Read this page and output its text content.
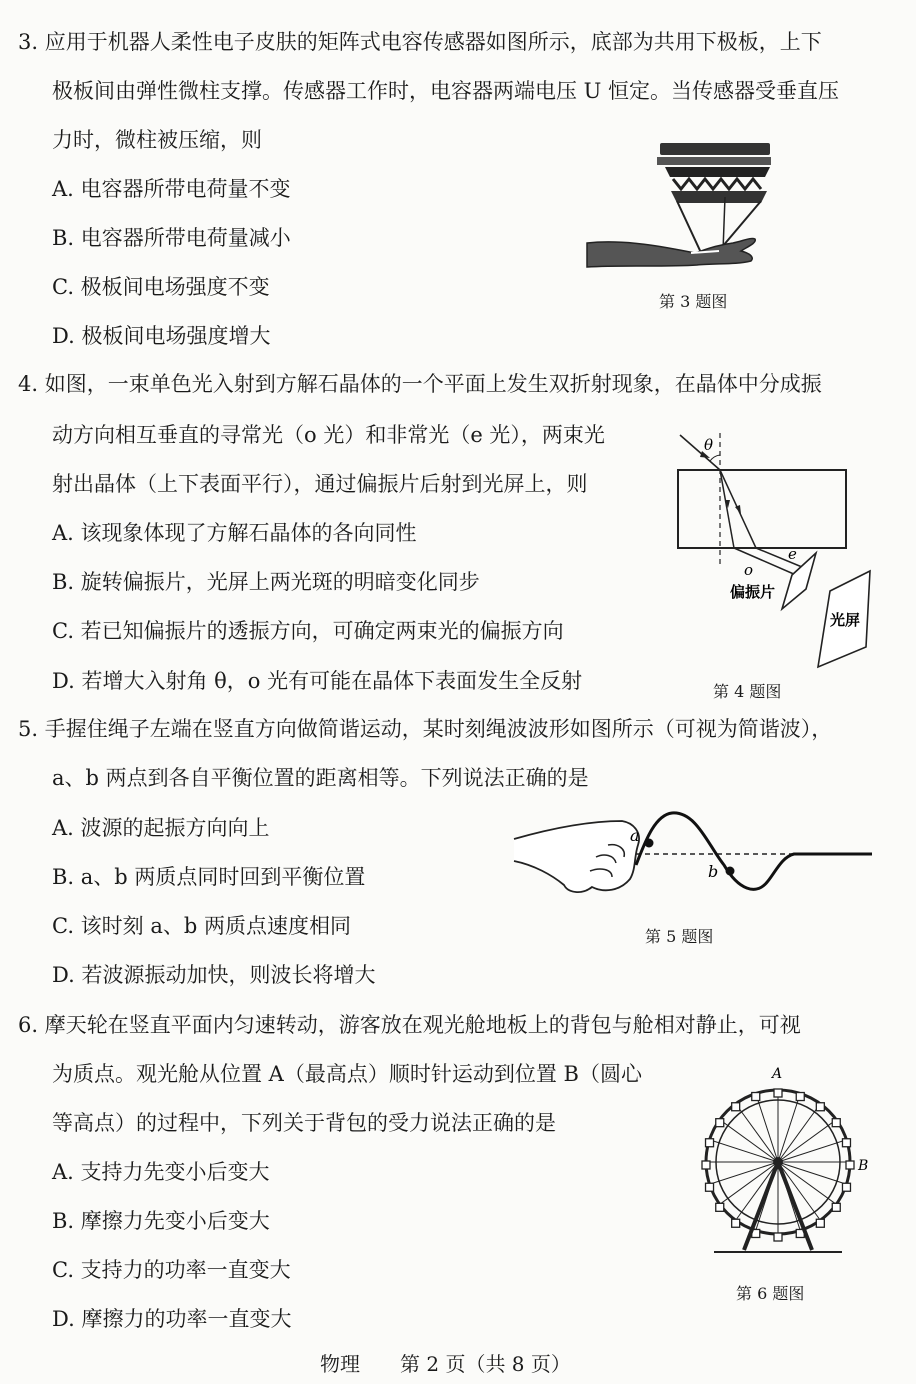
3. 应用于机器人柔性电子皮肤的矩阵式电容传感器如图所示，底部为共用下极板，上下
极板间由弹性微柱支撑。传感器工作时，电容器两端电压 U 恒定。当传感器受垂直压
力时，微柱被压缩，则
A. 电容器所带电荷量不变
B. 电容器所带电荷量减小
C. 极板间电场强度不变
D. 极板间电场强度增大
第 3 题图
4. 如图，一束单色光入射到方解石晶体的一个平面上发生双折射现象，在晶体中分成振
动方向相互垂直的寻常光（o 光）和非常光（e 光），两束光
射出晶体（上下表面平行），通过偏振片后射到光屏上，则
A. 该现象体现了方解石晶体的各向同性
B. 旋转偏振片，光屏上两光斑的明暗变化同步
C. 若已知偏振片的透振方向，可确定两束光的偏振方向
D. 若增大入射角 θ，o 光有可能在晶体下表面发生全反射
θ
o
e
偏振片
光屏
第 4 题图
5. 手握住绳子左端在竖直方向做简谐运动，某时刻绳波波形如图所示（可视为简谐波），
a、b 两点到各自平衡位置的距离相等。下列说法正确的是
A. 波源的起振方向向上
B. a、b 两质点同时回到平衡位置
C. 该时刻 a、b 两质点速度相同
D. 若波源振动加快，则波长将增大
a
b
第 5 题图
6. 摩天轮在竖直平面内匀速转动，游客放在观光舱地板上的背包与舱相对静止，可视
为质点。观光舱从位置 A（最高点）顺时针运动到位置 B（圆心
等高点）的过程中，下列关于背包的受力说法正确的是
A. 支持力先变小后变大
B. 摩擦力先变小后变大
C. 支持力的功率一直变大
D. 摩擦力的功率一直变大
A
B
第 6 题图
物理　　第 2 页（共 8 页）
